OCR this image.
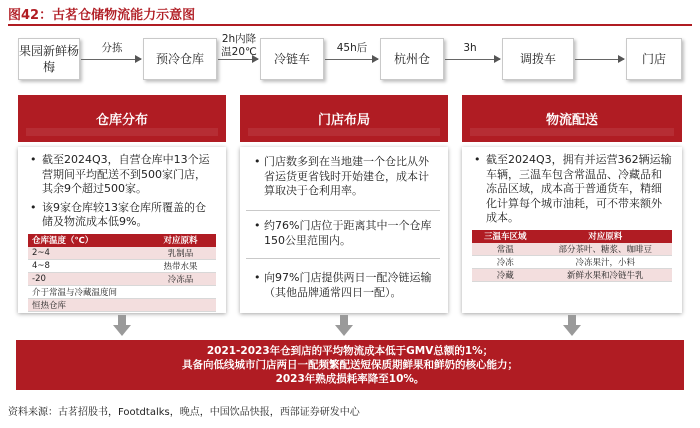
图42：古茗仓储物流能力示意图
果园新鲜杨梅
分拣
预冷仓库
2h内降温20℃	冷链车
45h后
杭州仓
3h
调拨车	门店
仓库分布	门店布局	物流配送
• 截至2024Q3，自营仓库中13个运营期间平均配送不到500家门店，其余9个超过500家。
• 该9家仓库较13家仓库所覆盖的仓储及物流成本低9%。
仓库温度（℃）	对应原料
2~4	乳制品
4~8	热带水果
-20	冷冻品
介于常温与冷藏温度间	
恒热仓库	
• 门店数多到在当地建一个仓比从外省运货更省钱时开始建仓，成本计算取决于仓利用率。
• 约76%门店位于距离其中一个仓库150公里范围内。
• 向97%门店提供两日一配冷链运输（其他品牌通常四日一配）。
• 截至2024Q3，拥有并运营362辆运输车辆，三温车包含常温品、冷藏品和冻品区域，成本高于普通货车，精细化计算每个城市油耗，可不带来额外成本。
三温车区域	对应原料
常温	部分茶叶、糖浆、咖啡豆
冷冻	冷冻果汁，小料
冷藏	新鲜水果和冷链牛乳
2021-2023年仓到店的平均物流成本低于GMV总额的1%；
具备向低线城市门店两日一配频繁配送短保质期鲜果和鲜奶的核心能力；
2023年熟成损耗率降至10%。
资料来源：古茗招股书，Footdtalks，晚点，中国饮品快报，西部证券研发中心
